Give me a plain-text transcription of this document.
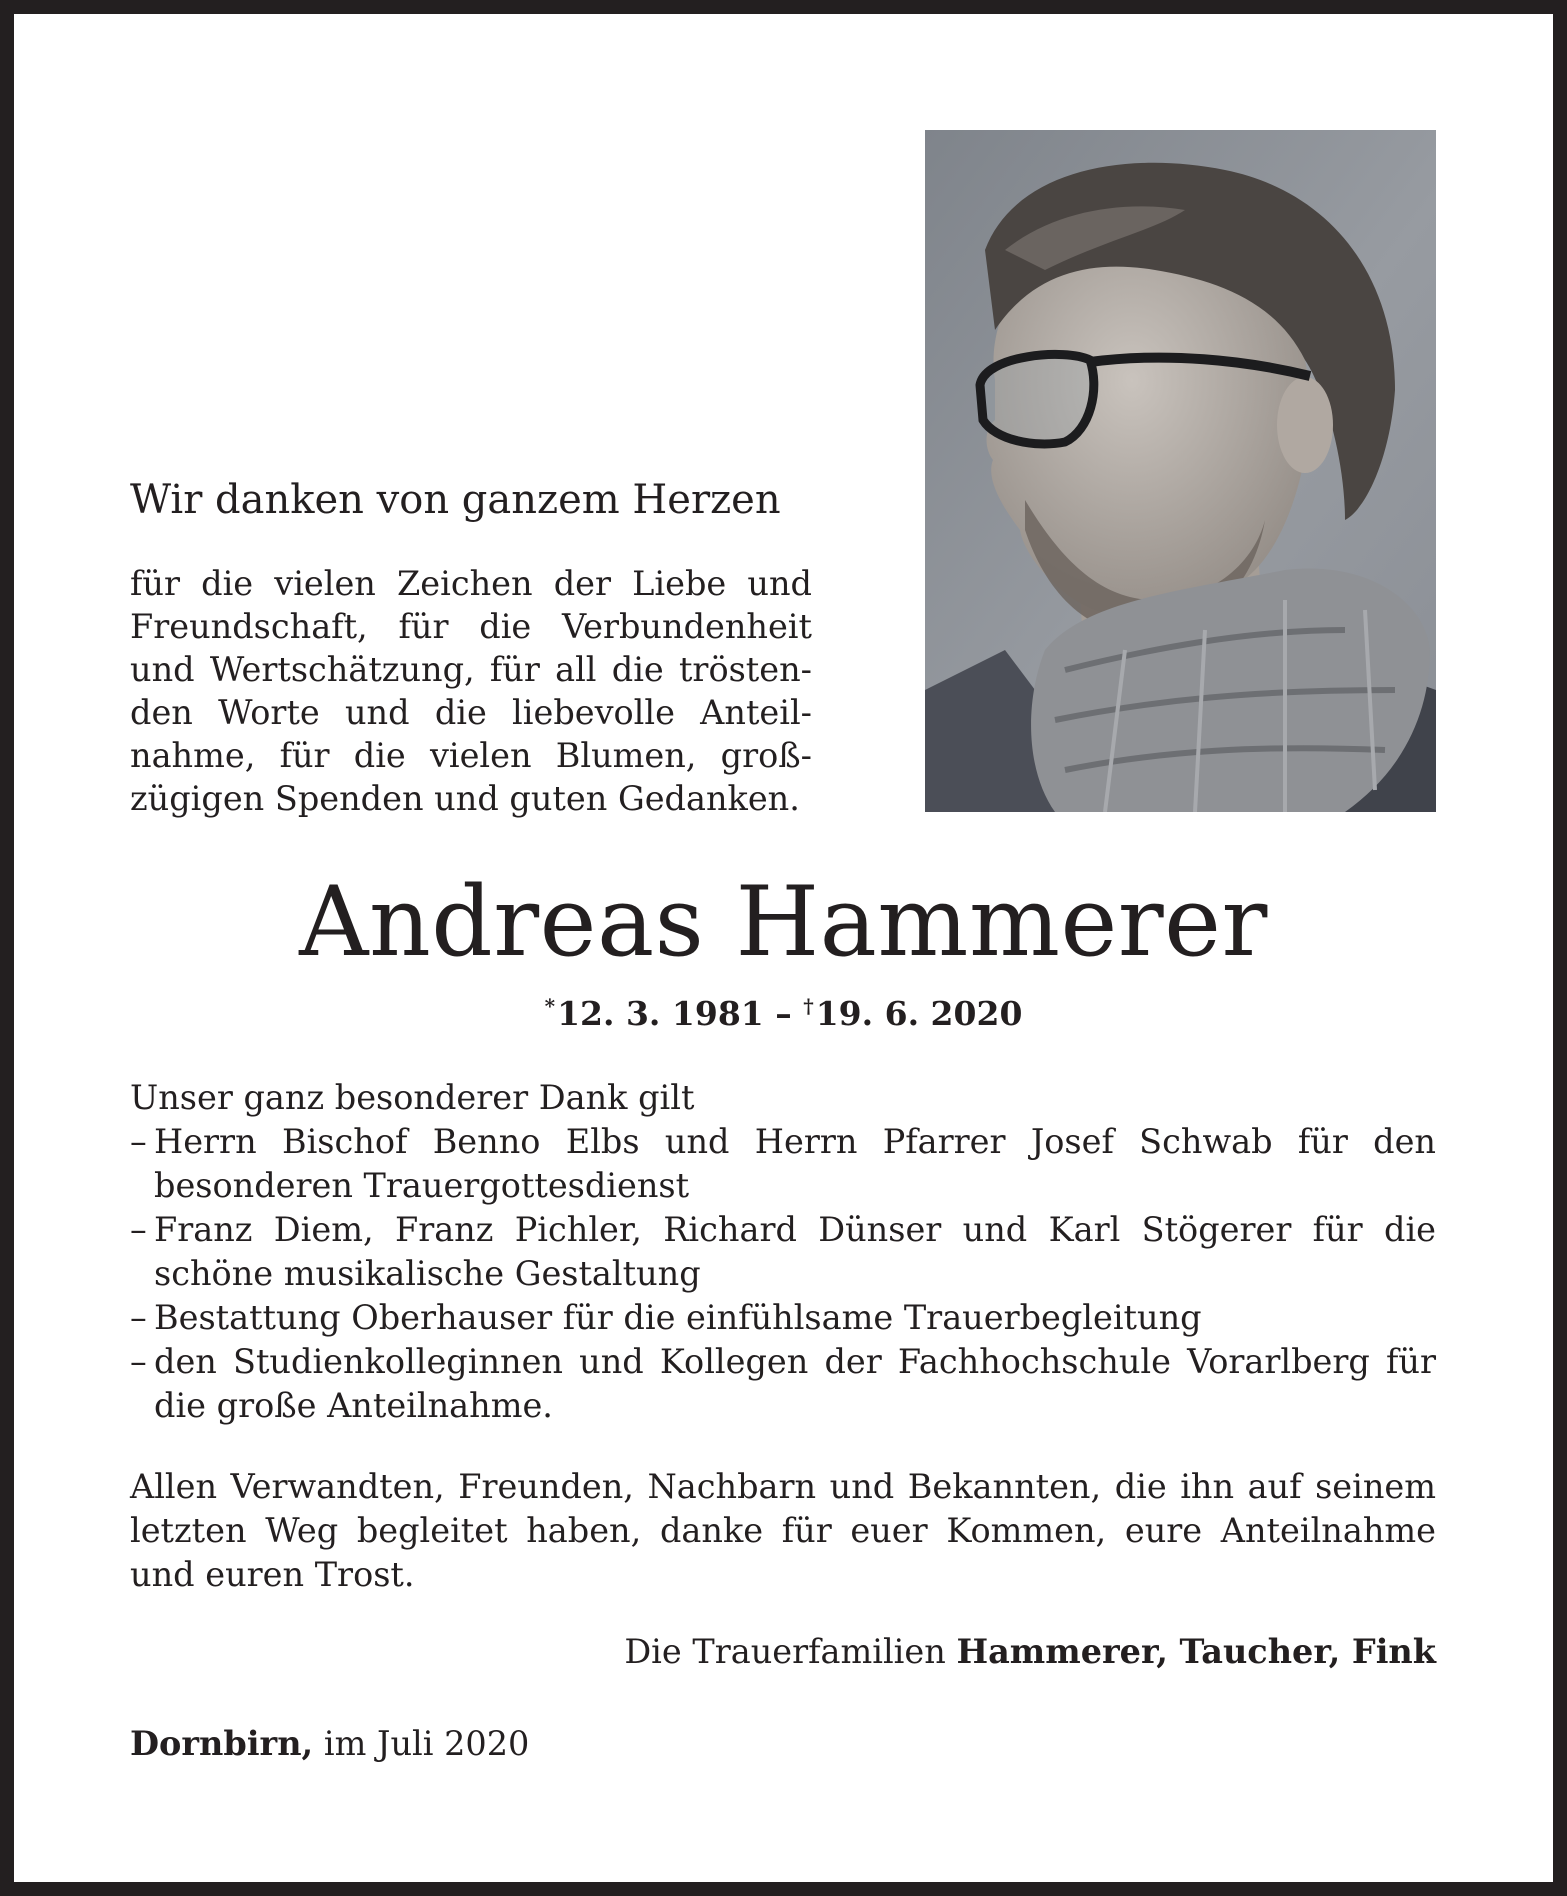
Wir danken von ganzem Herzen

für die vielen Zeichen der Liebe und Freundschaft, für die Verbundenheit und Wertschätzung, für all die tröstenden Worte und die liebevolle Anteilnahme, für die vielen Blumen, großzügigen Spenden und guten Gedanken.

Andreas Hammerer
*12. 3. 1981 – †19. 6. 2020

Unser ganz besonderer Dank gilt

– Herrn Bischof Benno Elbs und Herrn Pfarrer Josef Schwab für den besonderen Trauergottesdienst
– Franz Diem, Franz Pichler, Richard Dünser und Karl Stögerer für die schöne musikalische Gestaltung
– Bestattung Oberhauser für die einfühlsame Trauerbegleitung
– den Studienkolleginnen und Kollegen der Fachhochschule Vorarlberg für die große Anteilnahme.

Allen Verwandten, Freunden, Nachbarn und Bekannten, die ihn auf seinem letzten Weg begleitet haben, danke für euer Kommen, eure Anteilnahme und euren Trost.

Die Trauerfamilien Hammerer, Taucher, Fink

Dornbirn, im Juli 2020
